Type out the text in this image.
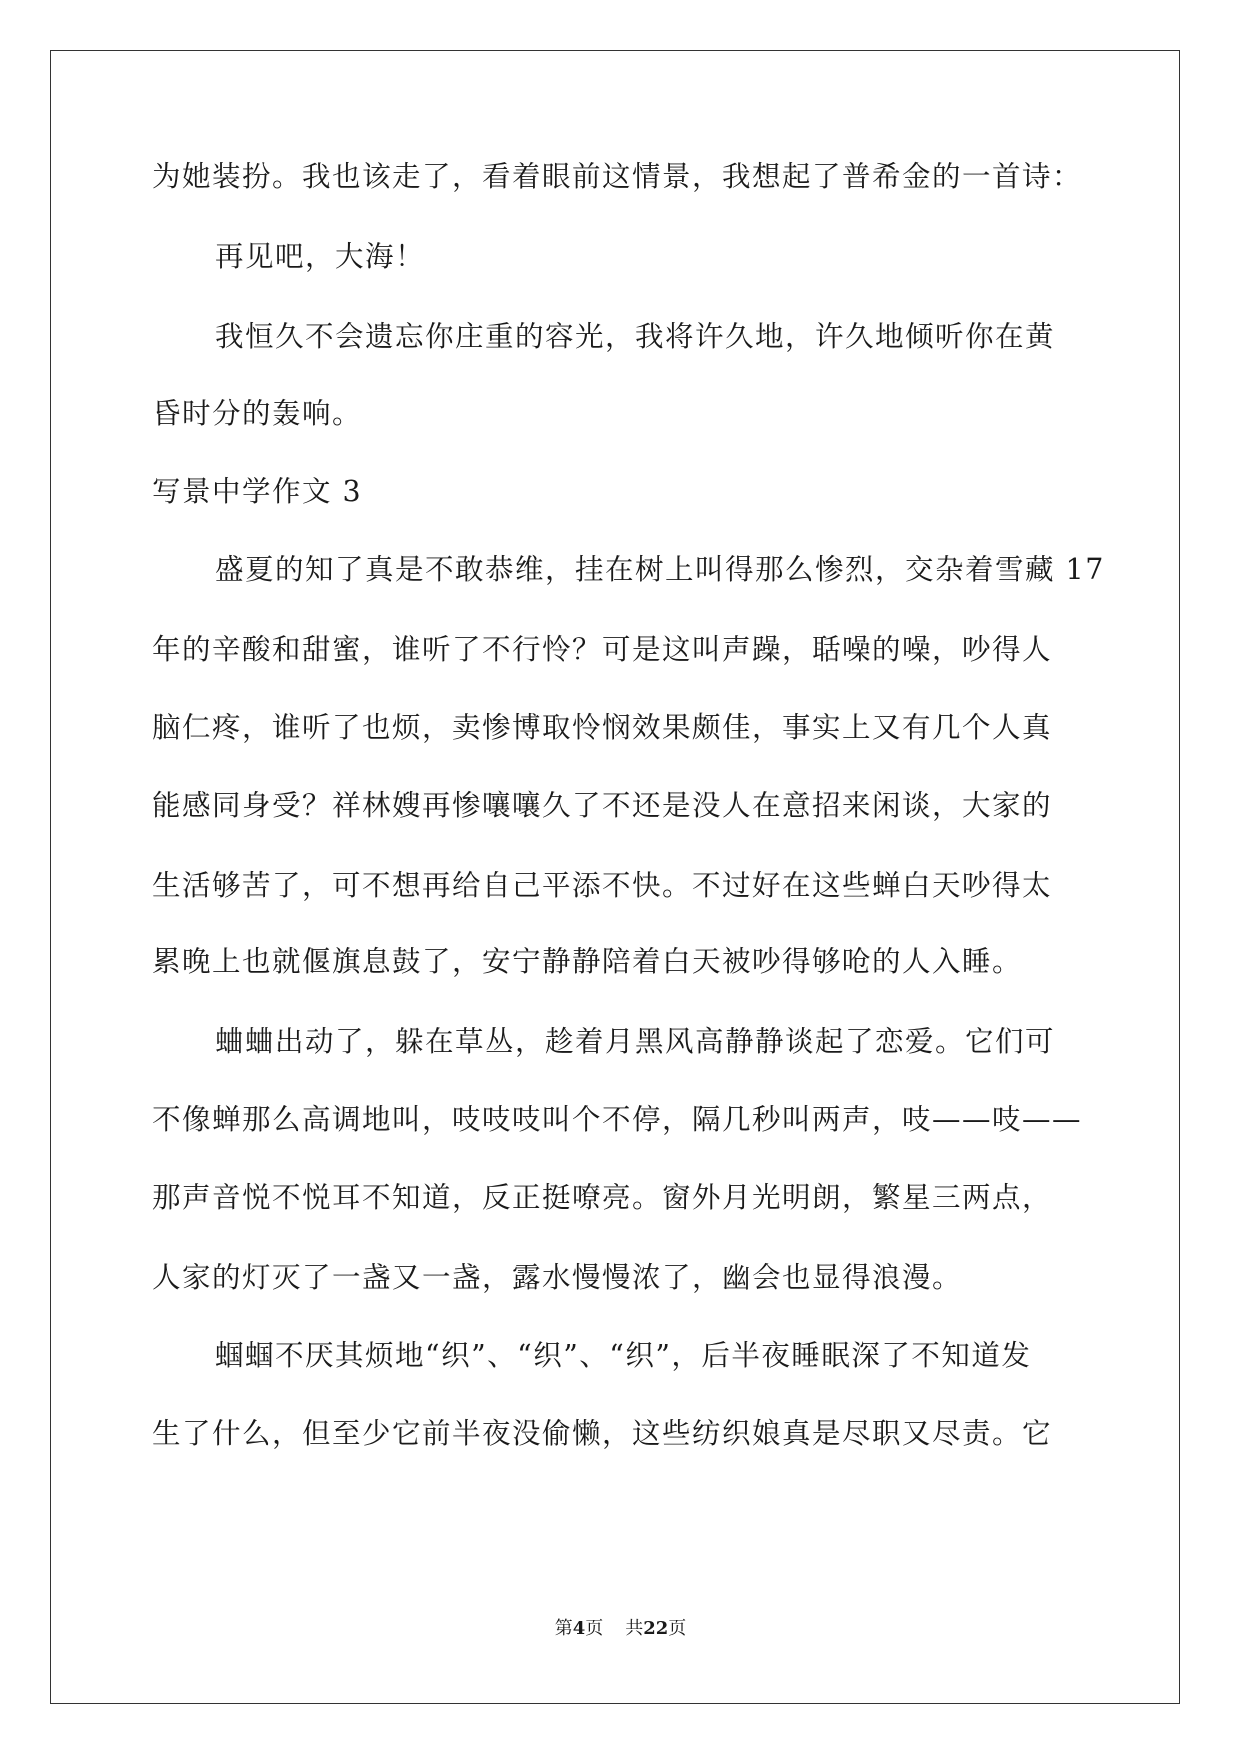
为她装扮。我也该走了，看着眼前这情景，我想起了普希金的一首诗：
再见吧，大海！
我恒久不会遗忘你庄重的容光，我将许久地，许久地倾听你在黄
昏时分的轰响。
写景中学作文 3
盛夏的知了真是不敢恭维，挂在树上叫得那么惨烈，交杂着雪藏 17
年的辛酸和甜蜜，谁听了不行怜？可是这叫声躁，聒噪的噪，吵得人
脑仁疼，谁听了也烦，卖惨博取怜悯效果颇佳，事实上又有几个人真
能感同身受？祥林嫂再惨嚷嚷久了不还是没人在意招来闲谈，大家的
生活够苦了，可不想再给自己平添不快。不过好在这些蝉白天吵得太
累晚上也就偃旗息鼓了，安宁静静陪着白天被吵得够呛的人入睡。
蛐蛐出动了，躲在草丛，趁着月黑风高静静谈起了恋爱。它们可
不像蝉那么高调地叫，吱吱吱叫个不停，隔几秒叫两声，吱——吱——
那声音悦不悦耳不知道，反正挺嘹亮。窗外月光明朗，繁星三两点，
人家的灯灭了一盏又一盏，露水慢慢浓了，幽会也显得浪漫。
蝈蝈不厌其烦地“织”、“织”、“织”，后半夜睡眠深了不知道发
生了什么，但至少它前半夜没偷懒，这些纺织娘真是尽职又尽责。它
第4页 共22页
